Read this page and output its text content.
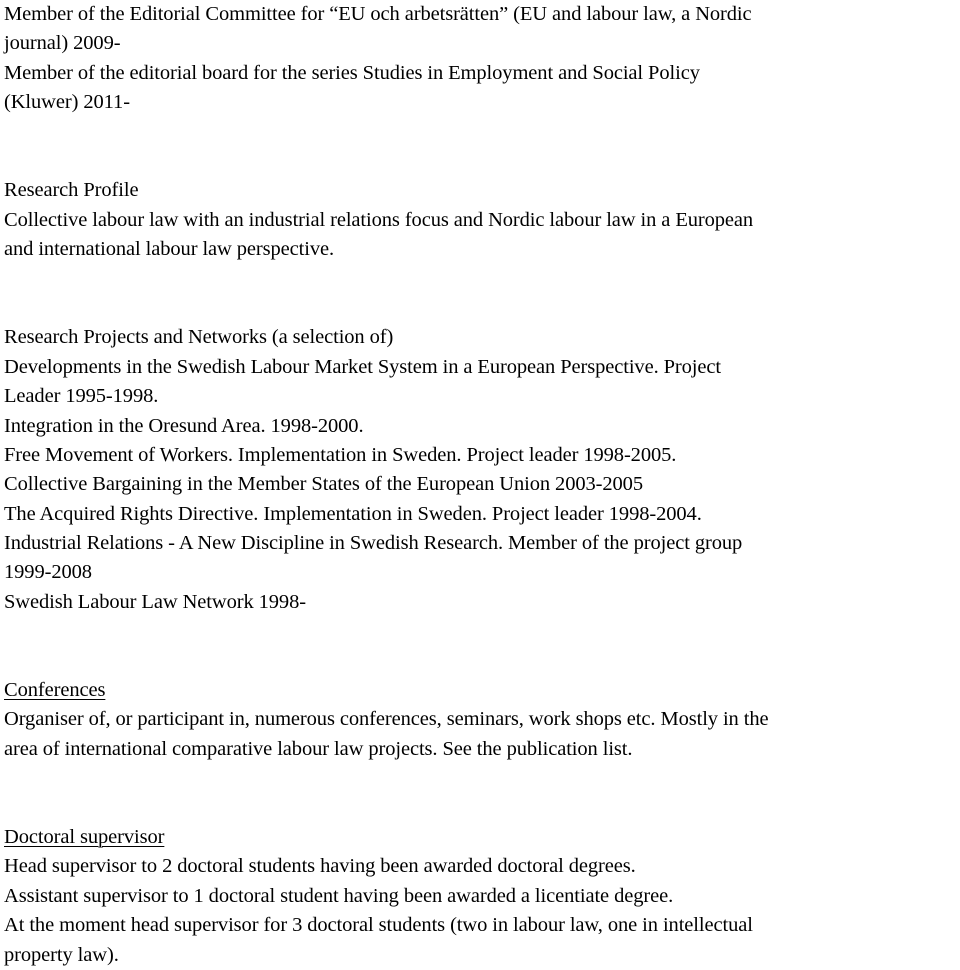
Member of the Editorial Committee for “EU och arbetsrätten” (EU and labour law, a Nordic
journal) 2009-
Member of the editorial board for the series Studies in Employment and Social Policy
(Kluwer) 2011-
Research Profile
Collective labour law with an industrial relations focus and Nordic labour law in a European
and international labour law perspective.
Research Projects and Networks (a selection of)
Developments in the Swedish Labour Market System in a European Perspective. Project
Leader 1995-1998.
Integration in the Oresund Area. 1998-2000.
Free Movement of Workers. Implementation in Sweden. Project leader 1998-2005.
Collective Bargaining in the Member States of the European Union 2003-2005
The Acquired Rights Directive. Implementation in Sweden. Project leader 1998-2004.
Industrial Relations - A New Discipline in Swedish Research. Member of the project group
1999-2008
Swedish Labour Law Network 1998-
Conferences
Organiser of, or participant in, numerous conferences, seminars, work shops etc. Mostly in the
area of international comparative labour law projects. See the publication list.
Doctoral supervisor
Head supervisor to 2 doctoral students having been awarded doctoral degrees.
Assistant supervisor to 1 doctoral student having been awarded a licentiate degree.
At the moment head supervisor for 3 doctoral students (two in labour law, one in intellectual
property law).
